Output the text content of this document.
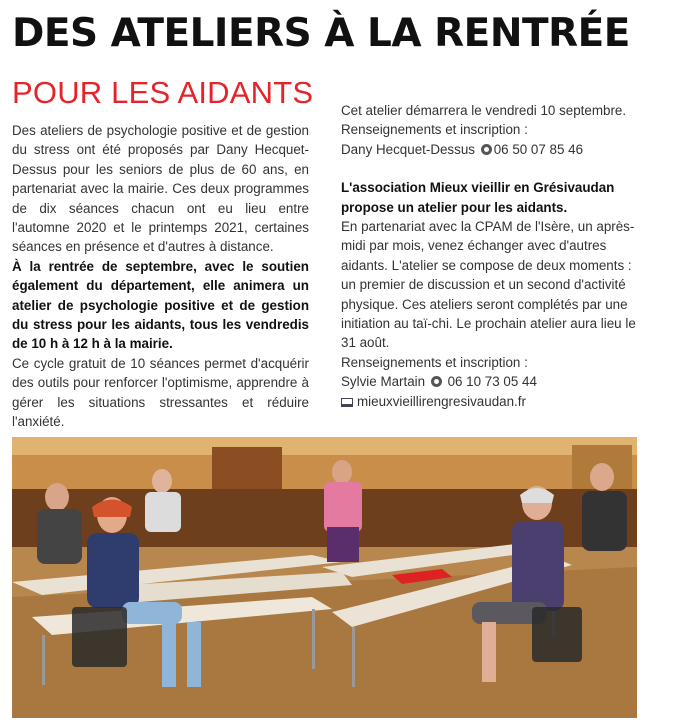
DES ATELIERS À LA RENTRÉE
POUR LES AIDANTS

Des ateliers de psychologie positive et de gestion du stress ont été proposés par Dany Hecquet-Dessus pour les seniors de plus de 60 ans, en partenariat avec la mairie. Ces deux programmes de dix séances chacun ont eu lieu entre l'automne 2020 et le printemps 2021, certaines séances en présence et d'autres à distance.

À la rentrée de septembre, avec le soutien également du département, elle animera un atelier de psychologie positive et de gestion du stress pour les aidants, tous les vendredis de 10 h à 12 h à la mairie.

Ce cycle gratuit de 10 séances permet d'acquérir des outils pour renforcer l'optimisme, apprendre à gérer les situations stressantes et réduire l'anxiété.

Cet atelier démarrera le vendredi 10 septembre.

Renseignements et inscription :

Dany Hecquet-Dessus 06 50 07 85 46

L'association Mieux vieillir en Grésivaudan propose un atelier pour les aidants.

En partenariat avec la CPAM de l'Isère, un après-midi par mois, venez échanger avec d'autres aidants. L'atelier se compose de deux moments : un premier de discussion et un second d'activité physique. Ces ateliers seront complétés par une initiation au taï-chi. Le prochain atelier aura lieu le 31 août.

Renseignements et inscription :

Sylvie Martain 06 10 73 05 44

mieuxvieillirengresivaudan.fr
